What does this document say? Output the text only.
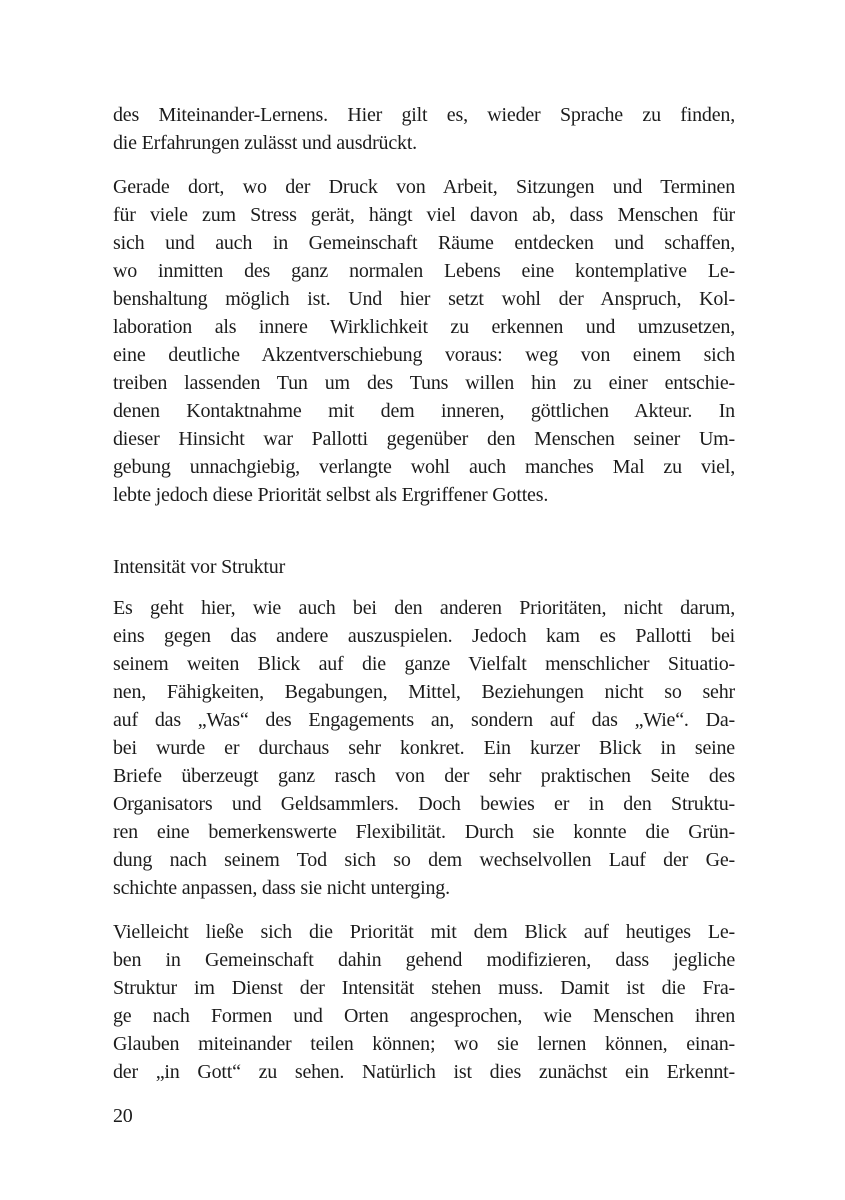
des Miteinander-Lernens. Hier gilt es, wieder Sprache zu finden,
die Erfahrungen zulässt und ausdrückt.

Gerade dort, wo der Druck von Arbeit, Sitzungen und Terminen
für viele zum Stress gerät, hängt viel davon ab, dass Menschen für
sich und auch in Gemeinschaft Räume entdecken und schaffen,
wo inmitten des ganz normalen Lebens eine kontemplative Le-
benshaltung möglich ist. Und hier setzt wohl der Anspruch, Kol-
laboration als innere Wirklichkeit zu erkennen und umzusetzen,
eine deutliche Akzentverschiebung voraus: weg von einem sich
treiben lassenden Tun um des Tuns willen hin zu einer entschie-
denen Kontaktnahme mit dem inneren, göttlichen Akteur. In
dieser Hinsicht war Pallotti gegenüber den Menschen seiner Um-
gebung unnachgiebig, verlangte wohl auch manches Mal zu viel,
lebte jedoch diese Priorität selbst als Ergriffener Gottes.

Intensität vor Struktur

Es geht hier, wie auch bei den anderen Prioritäten, nicht darum,
eins gegen das andere auszuspielen. Jedoch kam es Pallotti bei
seinem weiten Blick auf die ganze Vielfalt menschlicher Situatio-
nen, Fähigkeiten, Begabungen, Mittel, Beziehungen nicht so sehr
auf das „Was“ des Engagements an, sondern auf das „Wie“. Da-
bei wurde er durchaus sehr konkret. Ein kurzer Blick in seine
Briefe überzeugt ganz rasch von der sehr praktischen Seite des
Organisators und Geldsammlers. Doch bewies er in den Struktu-
ren eine bemerkenswerte Flexibilität. Durch sie konnte die Grün-
dung nach seinem Tod sich so dem wechselvollen Lauf der Ge-
schichte anpassen, dass sie nicht unterging.

Vielleicht ließe sich die Priorität mit dem Blick auf heutiges Le-
ben in Gemeinschaft dahin gehend modifizieren, dass jegliche
Struktur im Dienst der Intensität stehen muss. Damit ist die Fra-
ge nach Formen und Orten angesprochen, wie Menschen ihren
Glauben miteinander teilen können; wo sie lernen können, einan-
der „in Gott“ zu sehen. Natürlich ist dies zunächst ein Erkennt-

20
